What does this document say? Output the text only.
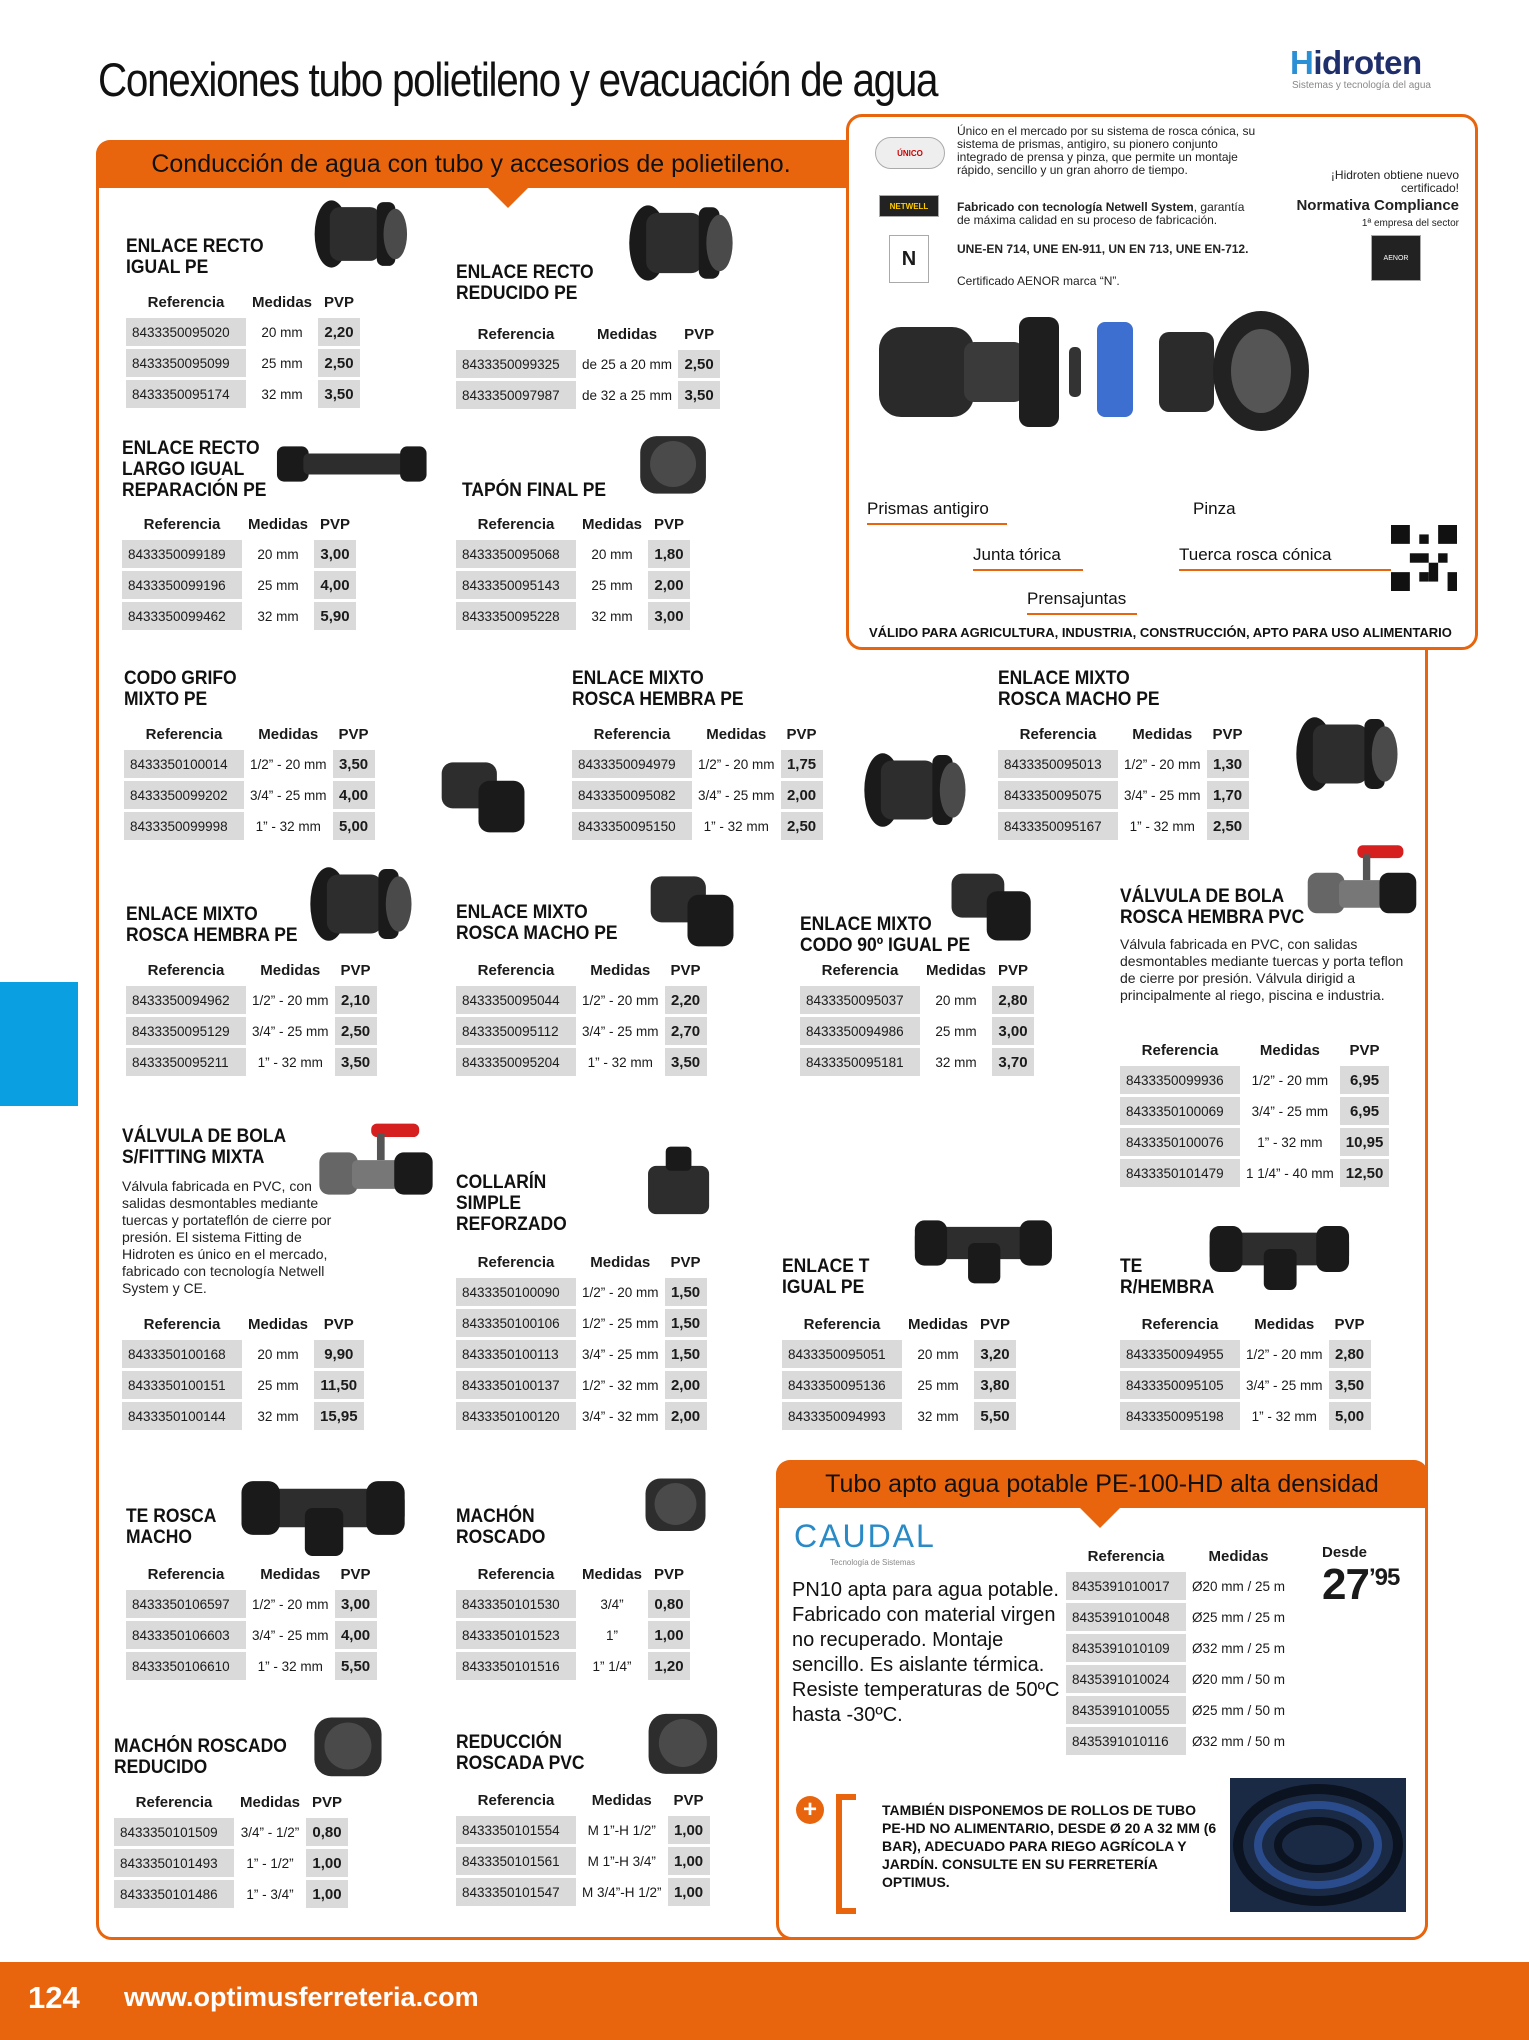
Conexiones tubo polietileno y evacuación de agua	Hidroten
Sistemas y tecnología del agua
Conducción de agua con tubo y accesorios de polietileno.	ÚNICO
Único en el mercado por su sistema de rosca cónica, su sistema de prismas, antigiro, su pionero conjunto integrado de prensa y pinza, que permite un montaje rápido, sencillo y un gran ahorro de tiempo.
NETWELL Fabricado con tecnología Netwell System, garantía de máxima calidad en su proceso de fabricación.
N	UNE-EN 714, UNE EN-911, UN EN 713, UNE EN-712.
Certificado AENOR marca “N”.
¡Hidroten obtiene nuevo certificado!
Normativa Compliance
1ª empresa del sector
AENOR
Prismas antigiro
Junta tórica
Prensajuntas
Pinza
Tuerca rosca cónica
VÁLIDO PARA AGRICULTURA, INDUSTRIA, CONSTRUCCIÓN, APTO PARA USO ALIMENTARIO
ENLACE RECTO
IGUAL PE
Referencia	Medidas	PVP
8433350095020	20 mm	2,20
8433350095099	25 mm	2,50
8433350095174	32 mm	3,50
ENLACE RECTO
REDUCIDO PE
Referencia	Medidas	PVP
8433350099325	de 25 a 20 mm	2,50
8433350097987	de 32 a 25 mm	3,50
ENLACE RECTO
LARGO IGUAL
REPARACIÓN PE
Referencia	Medidas	PVP
8433350099189	20 mm	3,00
8433350099196	25 mm	4,00
8433350099462	32 mm	5,90
TAPÓN FINAL PE
Referencia	Medidas	PVP
8433350095068	20 mm	1,80
8433350095143	25 mm	2,00
8433350095228	32 mm	3,00
CODO GRIFO
MIXTO PE
Referencia	Medidas	PVP
8433350100014	1/2” - 20 mm	3,50
8433350099202	3/4” - 25 mm	4,00
8433350099998	1” - 32 mm	5,00
ENLACE MIXTO
ROSCA HEMBRA PE
Referencia	Medidas	PVP
8433350094979	1/2” - 20 mm	1,75
8433350095082	3/4” - 25 mm	2,00
8433350095150	1” - 32 mm	2,50
ENLACE MIXTO
ROSCA MACHO PE
Referencia	Medidas	PVP
8433350095013	1/2” - 20 mm	1,30
8433350095075	3/4” - 25 mm	1,70
8433350095167	1” - 32 mm	2,50
ENLACE MIXTO
ROSCA HEMBRA PE
Referencia	Medidas	PVP
8433350094962	1/2” - 20 mm	2,10
8433350095129	3/4” - 25 mm	2,50
8433350095211	1” - 32 mm	3,50
ENLACE MIXTO
ROSCA MACHO PE
Referencia	Medidas	PVP
8433350095044	1/2” - 20 mm	2,20
8433350095112	3/4” - 25 mm	2,70
8433350095204	1” - 32 mm	3,50
ENLACE MIXTO
CODO 90º IGUAL PE
Referencia	Medidas	PVP
8433350095037	20 mm	2,80
8433350094986	25 mm	3,00
8433350095181	32 mm	3,70
VÁLVULA DE BOLA
ROSCA HEMBRA PVC
Válvula fabricada en PVC, con salidas desmontables mediante tuercas y porta teflon de cierre por presión. Válvula dirigid a principalmente al riego, piscina e industria.
Referencia	Medidas	PVP
8433350099936	1/2” - 20 mm	6,95
8433350100069	3/4” - 25 mm	6,95
8433350100076	1” - 32 mm	10,95
8433350101479	1 1/4” - 40 mm	12,50
VÁLVULA DE BOLA
S/FITTING MIXTA
Válvula fabricada en PVC, con salidas desmontables mediante tuercas y portateflón de cierre por presión. El sistema Fitting de Hidroten es único en el mercado, fabricado con tecnología Netwell System y CE.
Referencia	Medidas	PVP
8433350100168	20 mm	9,90
8433350100151	25 mm	11,50
8433350100144	32 mm	15,95
COLLARÍN
SIMPLE
REFORZADO
Referencia	Medidas	PVP
8433350100090	1/2” - 20 mm	1,50
8433350100106	1/2” - 25 mm	1,50
8433350100113	3/4” - 25 mm	1,50
8433350100137	1/2” - 32 mm	2,00
8433350100120	3/4” - 32 mm	2,00
ENLACE T
IGUAL PE
Referencia	Medidas	PVP
8433350095051	20 mm	3,20
8433350095136	25 mm	3,80
8433350094993	32 mm	5,50
TE
R/HEMBRA
Referencia	Medidas	PVP
8433350094955	1/2” - 20 mm	2,80
8433350095105	3/4” - 25 mm	3,50
8433350095198	1” - 32 mm	5,00
TE ROSCA
MACHO
Referencia	Medidas	PVP
8433350106597	1/2” - 20 mm	3,00
8433350106603	3/4” - 25 mm	4,00
8433350106610	1” - 32 mm	5,50
MACHÓN
ROSCADO
Referencia	Medidas	PVP
8433350101530	3/4”	0,80
8433350101523	1”	1,00
8433350101516	1” 1/4”	1,20
MACHÓN ROSCADO
REDUCIDO
Referencia	Medidas	PVP
8433350101509	3/4” - 1/2”	0,80
8433350101493	1” - 1/2”	1,00
8433350101486	1” - 3/4”	1,00
REDUCCIÓN
ROSCADA PVC
Referencia	Medidas	PVP
8433350101554	M 1”-H 1/2”	1,00
8433350101561	M 1”-H 3/4”	1,00
8433350101547	M 3/4”-H 1/2”	1,00
Tubo apto agua potable PE-100-HD alta densidad
CAUDAL
Tecnología de Sistemas
PN10 apta para agua potable. Fabricado con material virgen no recuperado. Montaje sencillo. Es aislante térmica. Resiste temperaturas de 50ºC hasta -30ºC.
Referencia	Medidas
8435391010017	Ø20 mm / 25 m
8435391010048	Ø25 mm / 25 m
8435391010109	Ø32 mm / 25 m
8435391010024	Ø20 mm / 50 m
8435391010055	Ø25 mm / 50 m
8435391010116	Ø32 mm / 50 m
Desde
$27^{’95}$
+	TAMBIÉN DISPONEMOS DE ROLLOS DE TUBO PE-HD NO ALIMENTARIO, DESDE Ø 20 A 32 MM (6 BAR), ADECUADO PARA RIEGO AGRÍCOLA Y JARDÍN. CONSULTE EN SU FERRETERÍA OPTIMUS.
124 www.optimusferreteria.com
